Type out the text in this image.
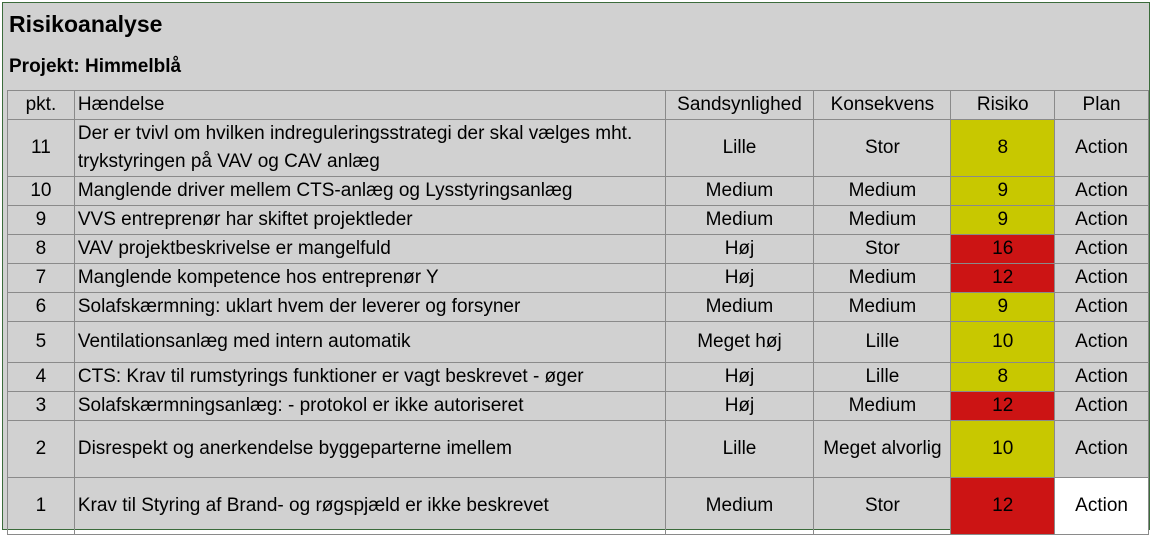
Risikoanalyse
Projekt: Himmelblå
pkt.	Hændelse	Sandsynlighed	Konsekvens	Risiko	Plan
11	Der er tvivl om hvilken indreguleringsstrategi der skal vælges mht. trykstyringen på VAV og CAV anlæg	Lille	Stor	8	Action
10	Manglende driver mellem CTS-anlæg og Lysstyringsanlæg	Medium	Medium	9	Action
9	VVS entreprenør har skiftet projektleder	Medium	Medium	9	Action
8	VAV projektbeskrivelse er mangelfuld	Høj	Stor	16	Action
7	Manglende kompetence hos entreprenør Y	Høj	Medium	12	Action
6	Solafskærmning: uklart hvem der leverer og forsyner	Medium	Medium	9	Action
5	Ventilationsanlæg med intern automatik	Meget høj	Lille	10	Action
4	CTS: Krav til rumstyrings funktioner er vagt beskrevet - øger	Høj	Lille	8	Action
3	Solafskærmningsanlæg: - protokol er ikke autoriseret	Høj	Medium	12	Action
2	Disrespekt og anerkendelse byggeparterne imellem	Lille	Meget alvorlig	10	Action
1	Krav til Styring af Brand- og røgspjæld er ikke beskrevet	Medium	Stor	12	Action
